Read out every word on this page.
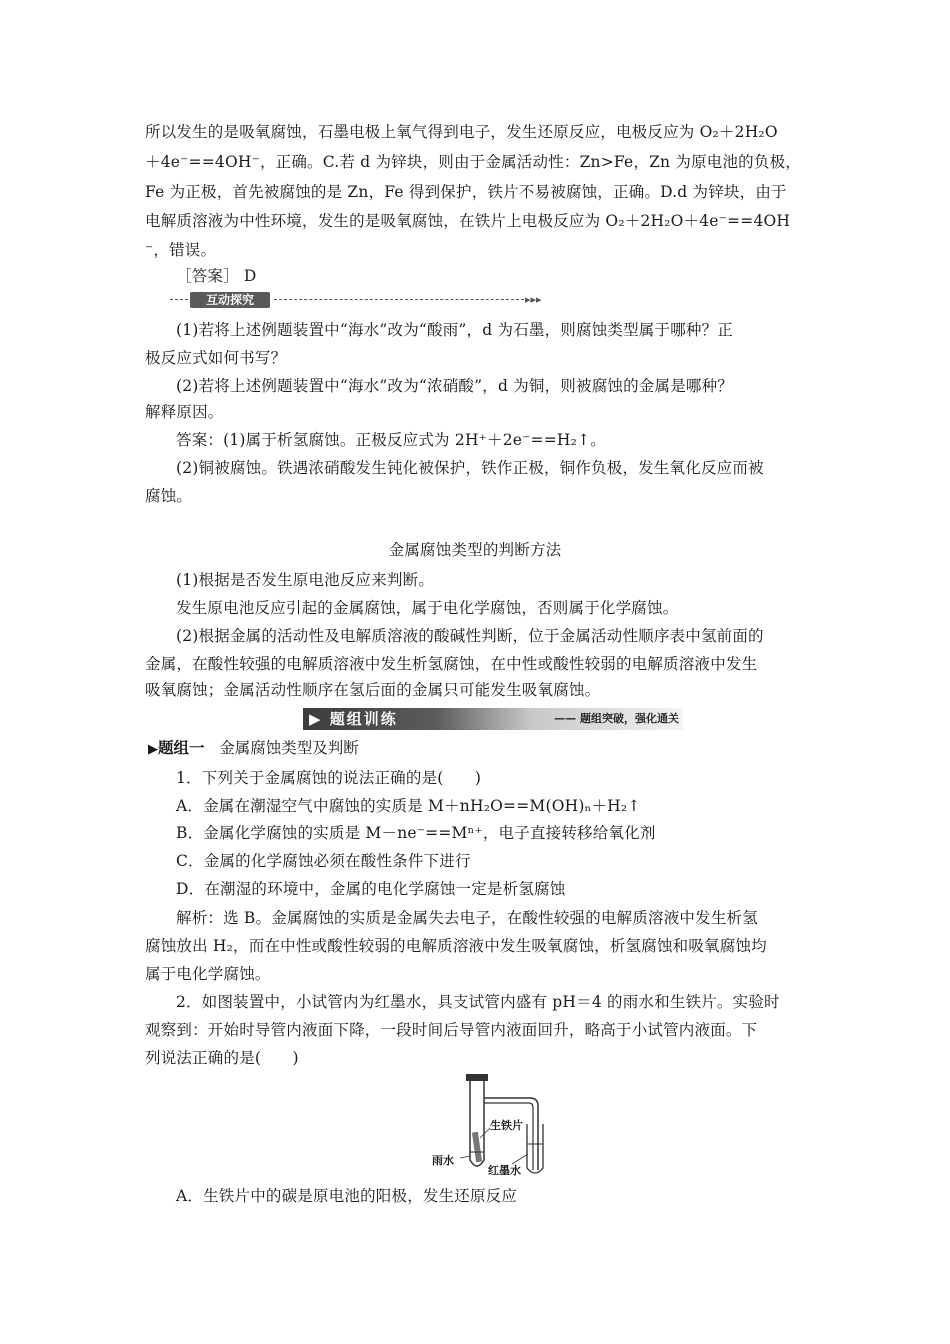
所以发生的是吸氧腐蚀，石墨电极上氧气得到电子，发生还原反应，电极反应为 O₂＋2H₂O
＋4e⁻==4OH⁻，正确。C.若 d 为锌块，则由于金属活动性：Zn>Fe，Zn 为原电池的负极，
Fe 为正极，首先被腐蚀的是 Zn，Fe 得到保护，铁片不易被腐蚀，正确。D.d 为锌块，由于
电解质溶液为中性环境，发生的是吸氧腐蚀，在铁片上电极反应为 O₂＋2H₂O＋4e⁻==4OH
⁻，错误。
［答案］ D
互动探究	▸▸▸
(1)若将上述例题装置中“海水”改为“酸雨”，d 为石墨，则腐蚀类型属于哪种？正
极反应式如何书写？
(2)若将上述例题装置中“海水”改为“浓硝酸”，d 为铜，则被腐蚀的金属是哪种？
解释原因。
答案：(1)属于析氢腐蚀。正极反应式为 2H⁺＋2e⁻==H₂↑。
(2)铜被腐蚀。铁遇浓硝酸发生钝化被保护，铁作正极，铜作负极，发生氧化反应而被
腐蚀。
金属腐蚀类型的判断方法
(1)根据是否发生原电池反应来判断。
发生原电池反应引起的金属腐蚀，属于电化学腐蚀，否则属于化学腐蚀。
(2)根据金属的活动性及电解质溶液的酸碱性判断，位于金属活动性顺序表中氢前面的
金属，在酸性较强的电解质溶液中发生析氢腐蚀，在中性或酸性较弱的电解质溶液中发生
吸氧腐蚀；金属活动性顺序在氢后面的金属只可能发生吸氧腐蚀。
▶ 题组训练	—— 题组突破，强化通关
▶题组一 金属腐蚀类型及判断
1．下列关于金属腐蚀的说法正确的是(　　)
A．金属在潮湿空气中腐蚀的实质是 M＋nH₂O==M(OH)ₙ＋H₂↑
B．金属化学腐蚀的实质是 M－ne⁻==Mⁿ⁺，电子直接转移给氧化剂
C．金属的化学腐蚀必须在酸性条件下进行
D．在潮湿的环境中，金属的电化学腐蚀一定是析氢腐蚀
解析：选 B。金属腐蚀的实质是金属失去电子，在酸性较强的电解质溶液中发生析氢
腐蚀放出 H₂，而在中性或酸性较弱的电解质溶液中发生吸氧腐蚀，析氢腐蚀和吸氧腐蚀均
属于电化学腐蚀。
2．如图装置中，小试管内为红墨水，具支试管内盛有 pH＝4 的雨水和生铁片。实验时
观察到：开始时导管内液面下降，一段时间后导管内液面回升，略高于小试管内液面。下
列说法正确的是(　　)
生铁片
雨水
红墨水
A．生铁片中的碳是原电池的阳极，发生还原反应
